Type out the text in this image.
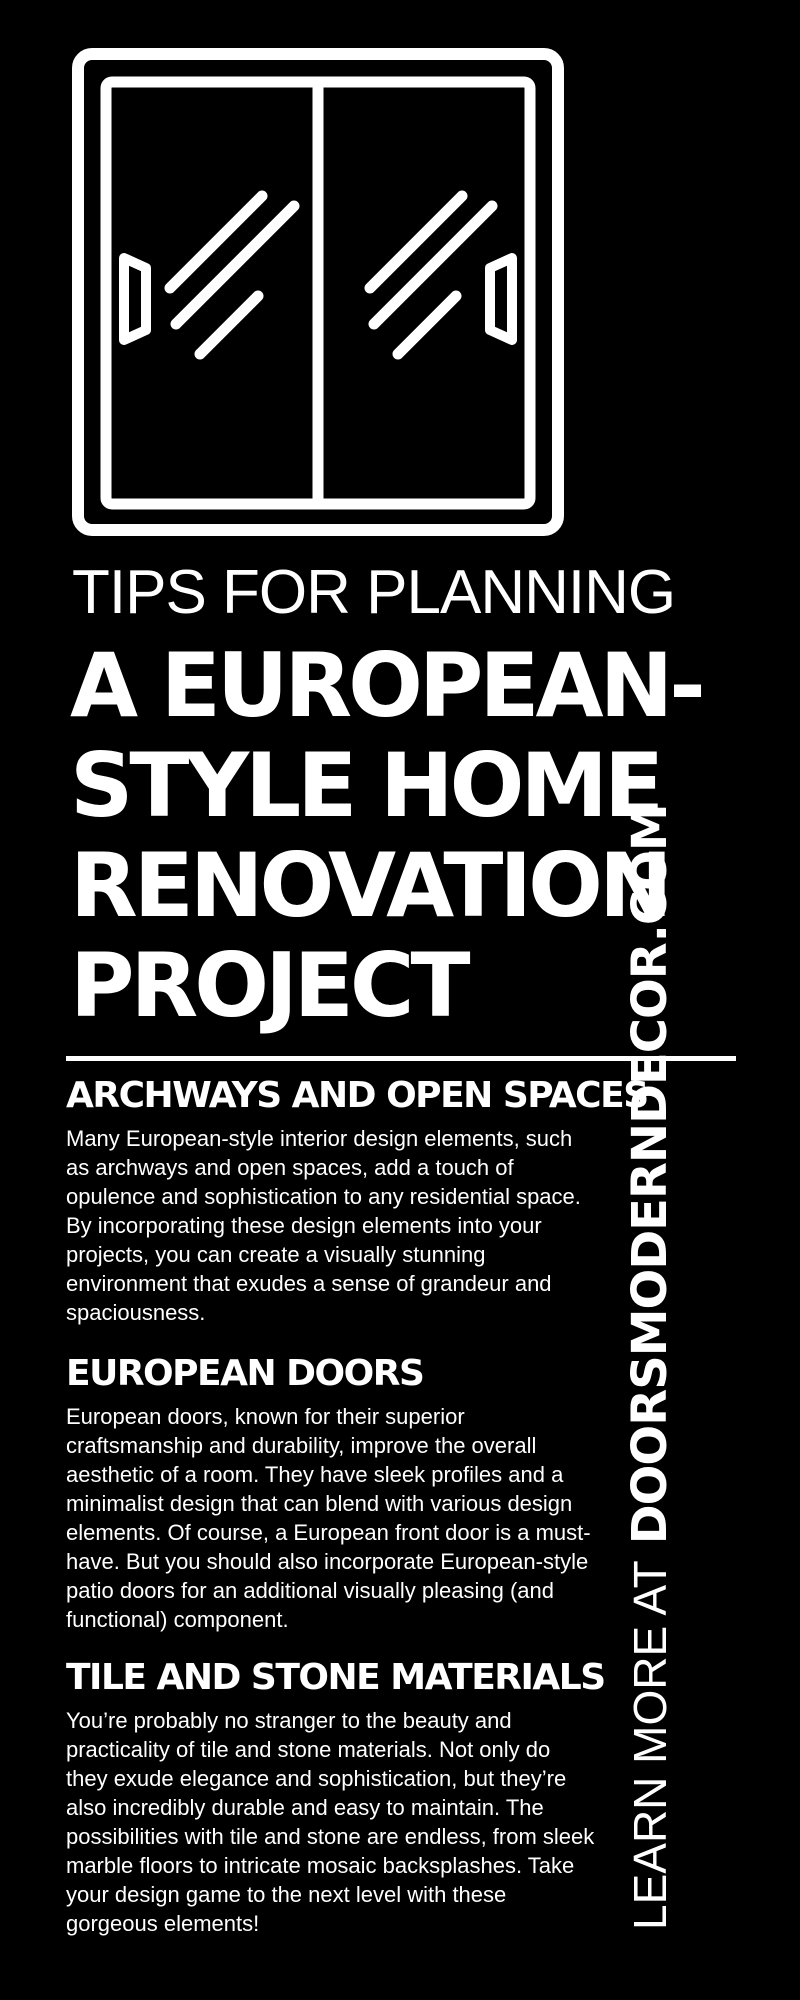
TIPS FOR PLANNING
A EUROPEAN-
STYLE HOME
RENOVATION
PROJECT
ARCHWAYS AND OPEN SPACES

Many European-style interior design elements, such as archways and open spaces, add a touch of opulence and sophistication to any residential space. By incorporating these design elements into your projects, you can create a visually stunning environment that exudes a sense of grandeur and spaciousness.

EUROPEAN DOORS

European doors, known for their superior craftsmanship and durability, improve the overall aesthetic of a room. They have sleek profiles and a minimalist design that can blend with various design elements. Of course, a European front door is a must-have. But you should also incorporate European-style patio doors for an additional visually pleasing (and functional) component.

TILE AND STONE MATERIALS

You’re probably no stranger to the beauty and practicality of tile and stone materials. Not only do they exude elegance and sophistication, but they’re also incredibly durable and easy to maintain. The possibilities with tile and stone are endless, from sleek marble floors to intricate mosaic backsplashes. Take your design game to the next level with these gorgeous elements!	LEARN MORE ATDOORSMODERNDECOR.COM
